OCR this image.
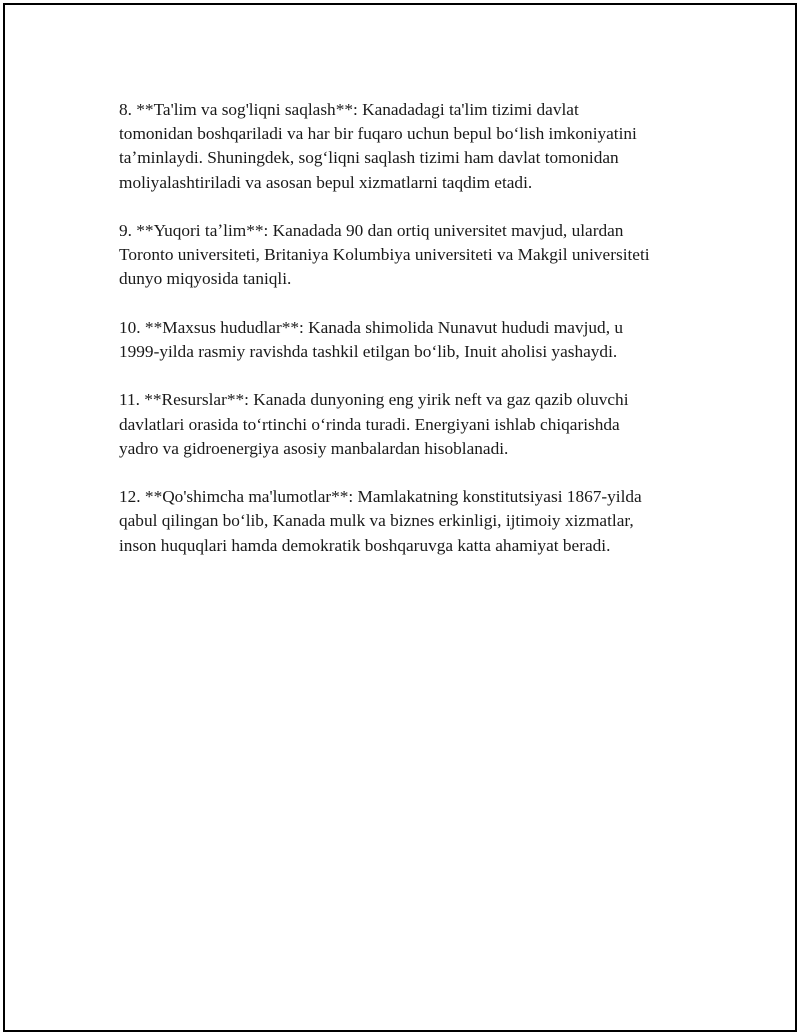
8. **Ta'lim va sog'liqni saqlash**: Kanadadagi ta'lim tizimi davlat
tomonidan boshqariladi va har bir fuqaro uchun bepul boʻlish imkoniyatini
taʼminlaydi. Shuningdek, sogʻliqni saqlash tizimi ham davlat tomonidan
moliyalashtiriladi va asosan bepul xizmatlarni taqdim etadi.

9. **Yuqori taʼlim**: Kanadada 90 dan ortiq universitet mavjud, ulardan
Toronto universiteti, Britaniya Kolumbiya universiteti va Makgil universiteti
dunyo miqyosida taniqli.

10. **Maxsus hududlar**: Kanada shimolida Nunavut hududi mavjud, u
1999-yilda rasmiy ravishda tashkil etilgan boʻlib, Inuit aholisi yashaydi.

11. **Resurslar**: Kanada dunyoning eng yirik neft va gaz qazib oluvchi
davlatlari orasida toʻrtinchi oʻrinda turadi. Energiyani ishlab chiqarishda
yadro va gidroenergiya asosiy manbalardan hisoblanadi.

12. **Qo'shimcha ma'lumotlar**: Mamlakatning konstitutsiyasi 1867-yilda
qabul qilingan boʻlib, Kanada mulk va biznes erkinligi, ijtimoiy xizmatlar,
inson huquqlari hamda demokratik boshqaruvga katta ahamiyat beradi.
